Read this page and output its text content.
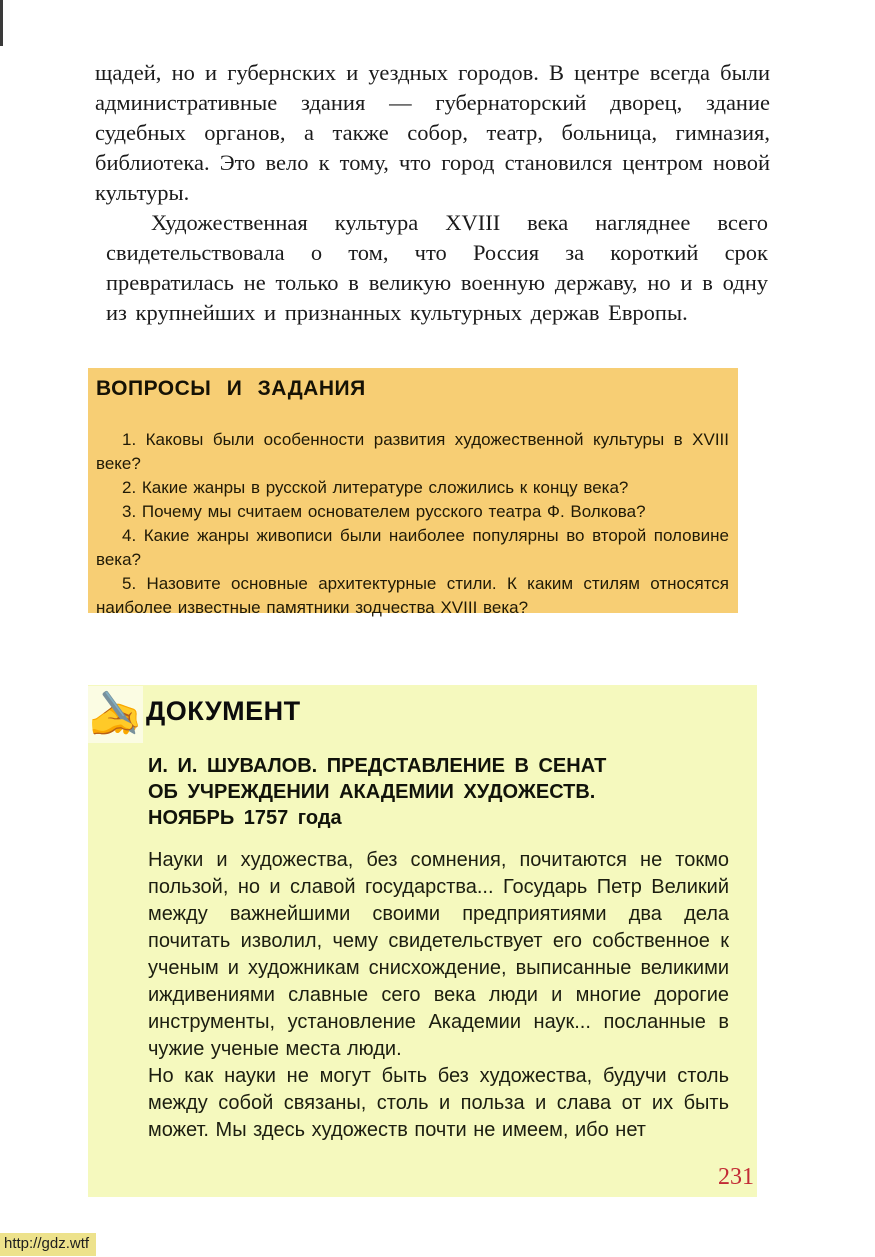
щадей, но и губернских и уездных городов. В центре всегда были административные здания — губернаторский дворец, здание судебных органов, а также собор, театр, больница, гимназия, библиотека. Это вело к тому, что город становился центром новой культуры.

Художественная культура XVIII века нагляднее всего свидетельствовала о том, что Россия за короткий срок превратилась не только в великую военную державу, но и в одну из крупнейших и признанных культурных держав Европы.

ВОПРОСЫ И ЗАДАНИЯ

1. Каковы были особенности развития художественной культуры в XVIII веке?

2. Какие жанры в русской литературе сложились к концу века?

3. Почему мы считаем основателем русского театра Ф. Волкова?

4. Какие жанры живописи были наиболее популярны во второй половине века?

5. Назовите основные архитектурные стили. К каким стилям относятся наиболее известные памятники зодчества XVIII века?

✍ ДОКУМЕНТ
И. И. ШУВАЛОВ. ПРЕДСТАВЛЕНИЕ В СЕНАТ
ОБ УЧРЕЖДЕНИИ АКАДЕМИИ ХУДОЖЕСТВ.
НОЯБРЬ 1757 года

Науки и художества, без сомнения, почитаются не токмо пользой, но и славой государства... Государь Петр Великий между важнейшими своими предприятиями два дела почитать изволил, чему свидетельствует его собственное к ученым и художникам снисхождение, выписанные великими иждивениями славные сего века люди и многие дорогие инструменты, установление Академии наук... посланные в чужие ученые места люди.

Но как науки не могут быть без художества, будучи столь между собой связаны, столь и польза и слава от их быть может. Мы здесь художеств почти не имеем, ибо нет

231
http://gdz.wtf
